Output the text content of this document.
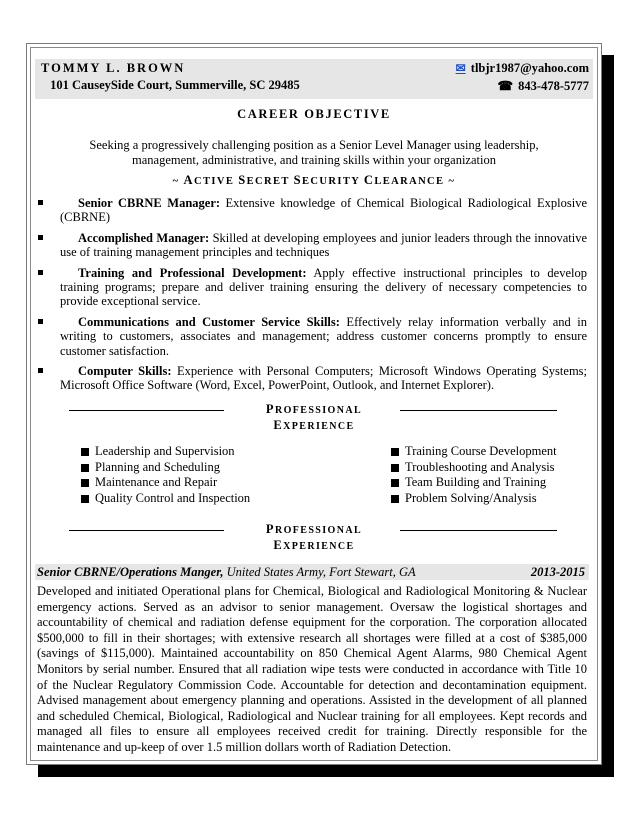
TOMMY L. BROWN	✉ tlbjr1987@yahoo.com
101 CauseySide Court, Summerville, SC 29485	☎ 843-478-5777
CAREER OBJECTIVE
Seeking a progressively challenging position as a Senior Level Manager using leadership, management, administrative, and training skills within your organization
~ ACTIVE SECRET SECURITY CLEARANCE ~
Senior CBRNE Manager: Extensive knowledge of Chemical Biological Radiological Explosive (CBRNE)
Accomplished Manager: Skilled at developing employees and junior leaders through the innovative use of training management principles and techniques
Training and Professional Development: Apply effective instructional principles to develop training programs; prepare and deliver training ensuring the delivery of necessary competencies to provide exceptional service.
Communications and Customer Service Skills: Effectively relay information verbally and in writing to customers, associates and management; address customer concerns promptly to ensure customer satisfaction.
Computer Skills: Experience with Personal Computers; Microsoft Windows Operating Systems; Microsoft Office Software (Word, Excel, PowerPoint, Outlook, and Internet Explorer).
PROFESSIONAL
EXPERIENCE
Leadership and Supervision
Planning and Scheduling
Maintenance and Repair
Quality Control and Inspection
Training Course Development
Troubleshooting and Analysis
Team Building and Training
Problem Solving/Analysis
PROFESSIONAL
EXPERIENCE
Senior CBRNE/Operations Manger, United States Army, Fort Stewart, GA	2013-2015
Developed and initiated Operational plans for Chemical, Biological and Radiological Monitoring & Nuclear emergency actions. Served as an advisor to senior management. Oversaw the logistical shortages and accountability of chemical and radiation defense equipment for the corporation. The corporation allocated $500,000 to fill in their shortages; with extensive research all shortages were filled at a cost of $385,000 (savings of $115,000). Maintained accountability on 850 Chemical Agent Alarms, 980 Chemical Agent Monitors by serial number. Ensured that all radiation wipe tests were conducted in accordance with Title 10 of the Nuclear Regulatory Commission Code. Accountable for detection and decontamination equipment. Advised management about emergency planning and operations. Assisted in the development of all planned and scheduled Chemical, Biological, Radiological and Nuclear training for all employees. Kept records and managed all files to ensure all employees received credit for training. Directly responsible for the maintenance and up-keep of over 1.5 million dollars worth of Radiation Detection.
